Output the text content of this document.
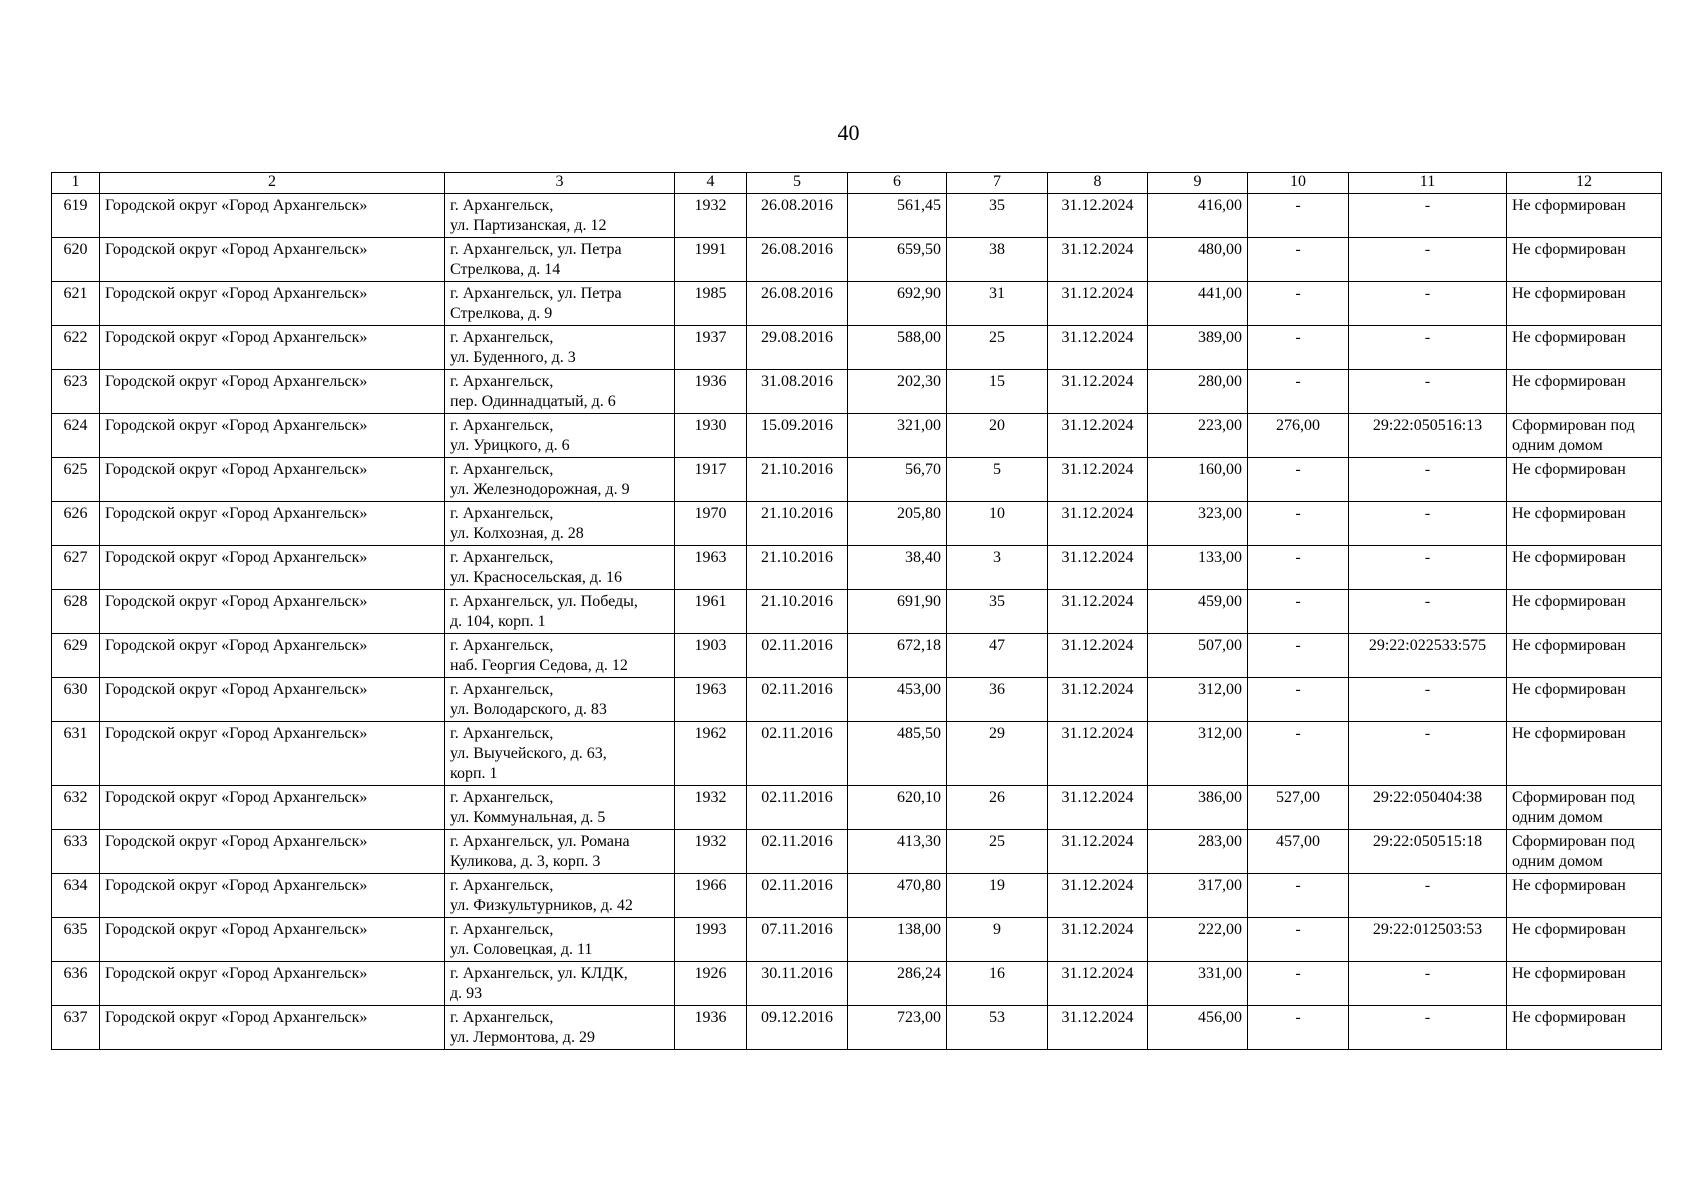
40
1	2	3	4	5	6	7	8	9	10	11	12
619	Городской округ «Город Архангельск»	г. Архангельск,
ул. Партизанская, д. 12	1932	26.08.2016	561,45	35	31.12.2024	416,00	-	-	Не сформирован
620	Городской округ «Город Архангельск»	г. Архангельск, ул. Петра
Стрелкова, д. 14	1991	26.08.2016	659,50	38	31.12.2024	480,00	-	-	Не сформирован
621	Городской округ «Город Архангельск»	г. Архангельск, ул. Петра
Стрелкова, д. 9	1985	26.08.2016	692,90	31	31.12.2024	441,00	-	-	Не сформирован
622	Городской округ «Город Архангельск»	г. Архангельск,
ул. Буденного, д. 3	1937	29.08.2016	588,00	25	31.12.2024	389,00	-	-	Не сформирован
623	Городской округ «Город Архангельск»	г. Архангельск,
пер. Одиннадцатый, д. 6	1936	31.08.2016	202,30	15	31.12.2024	280,00	-	-	Не сформирован
624	Городской округ «Город Архангельск»	г. Архангельск,
ул. Урицкого, д. 6	1930	15.09.2016	321,00	20	31.12.2024	223,00	276,00	29:22:050516:13	Сформирован под одним домом
625	Городской округ «Город Архангельск»	г. Архангельск,
ул. Железнодорожная, д. 9	1917	21.10.2016	56,70	5	31.12.2024	160,00	-	-	Не сформирован
626	Городской округ «Город Архангельск»	г. Архангельск,
ул. Колхозная, д. 28	1970	21.10.2016	205,80	10	31.12.2024	323,00	-	-	Не сформирован
627	Городской округ «Город Архангельск»	г. Архангельск,
ул. Красносельская, д. 16	1963	21.10.2016	38,40	3	31.12.2024	133,00	-	-	Не сформирован
628	Городской округ «Город Архангельск»	г. Архангельск, ул. Победы,
д. 104, корп. 1	1961	21.10.2016	691,90	35	31.12.2024	459,00	-	-	Не сформирован
629	Городской округ «Город Архангельск»	г. Архангельск,
наб. Георгия Седова, д. 12	1903	02.11.2016	672,18	47	31.12.2024	507,00	-	29:22:022533:575	Не сформирован
630	Городской округ «Город Архангельск»	г. Архангельск,
ул. Володарского, д. 83	1963	02.11.2016	453,00	36	31.12.2024	312,00	-	-	Не сформирован
631	Городской округ «Город Архангельск»	г. Архангельск,
ул. Выучейского, д. 63,
корп. 1	1962	02.11.2016	485,50	29	31.12.2024	312,00	-	-	Не сформирован
632	Городской округ «Город Архангельск»	г. Архангельск,
ул. Коммунальная, д. 5	1932	02.11.2016	620,10	26	31.12.2024	386,00	527,00	29:22:050404:38	Сформирован под одним домом
633	Городской округ «Город Архангельск»	г. Архангельск, ул. Романа
Куликова, д. 3, корп. 3	1932	02.11.2016	413,30	25	31.12.2024	283,00	457,00	29:22:050515:18	Сформирован под одним домом
634	Городской округ «Город Архангельск»	г. Архангельск,
ул. Физкультурников, д. 42	1966	02.11.2016	470,80	19	31.12.2024	317,00	-	-	Не сформирован
635	Городской округ «Город Архангельск»	г. Архангельск,
ул. Соловецкая, д. 11	1993	07.11.2016	138,00	9	31.12.2024	222,00	-	29:22:012503:53	Не сформирован
636	Городской округ «Город Архангельск»	г. Архангельск, ул. КЛДК,
д. 93	1926	30.11.2016	286,24	16	31.12.2024	331,00	-	-	Не сформирован
637	Городской округ «Город Архангельск»	г. Архангельск,
ул. Лермонтова, д. 29	1936	09.12.2016	723,00	53	31.12.2024	456,00	-	-	Не сформирован
